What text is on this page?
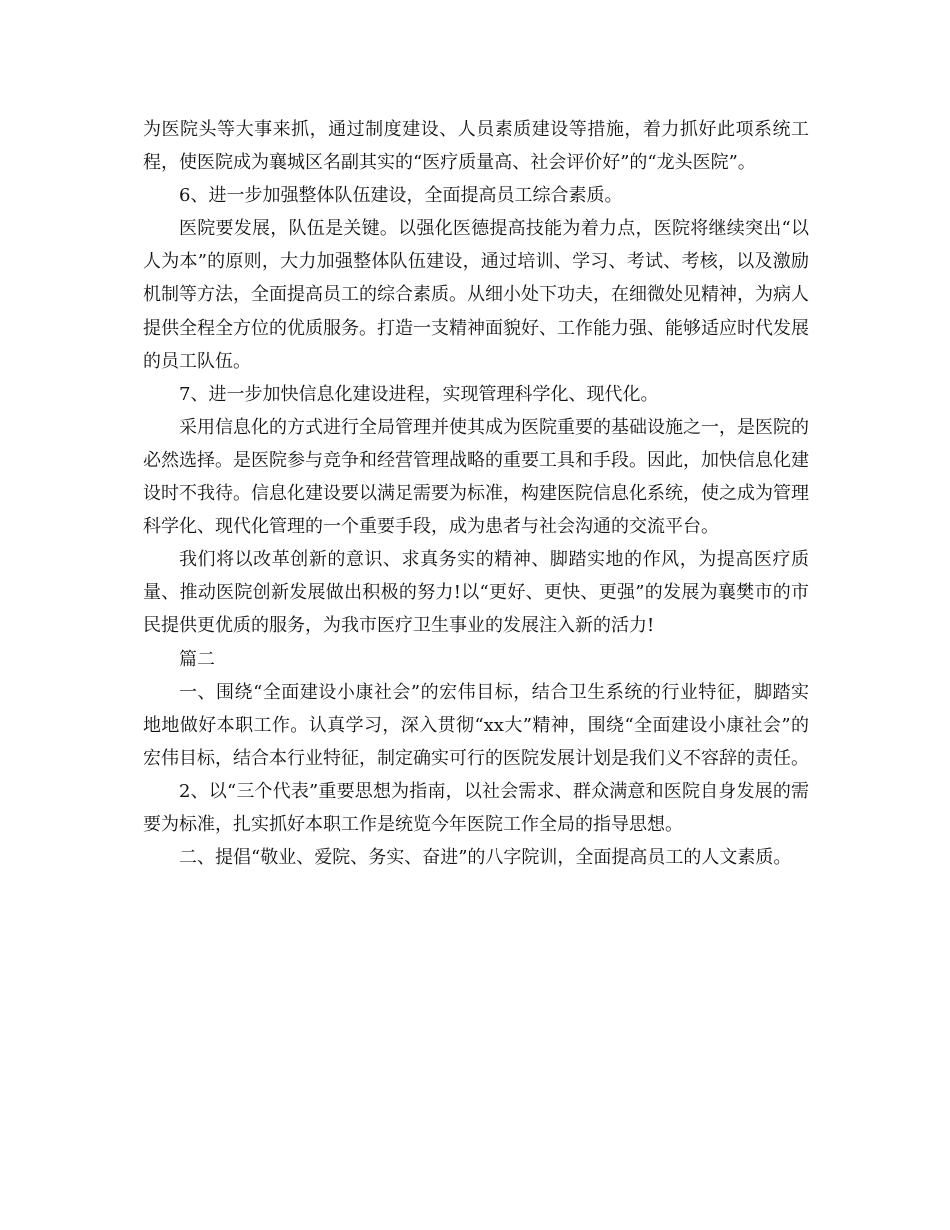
为医院头等大事来抓，通过制度建设、人员素质建设等措施，着力抓好此项系统工程，使医院成为襄城区名副其实的“医疗质量高、社会评价好”的“龙头医院”。

6、进一步加强整体队伍建设，全面提高员工综合素质。

医院要发展，队伍是关键。以强化医德提高技能为着力点，医院将继续突出“以人为本”的原则，大力加强整体队伍建设，通过培训、学习、考试、考核，以及激励机制等方法，全面提高员工的综合素质。从细小处下功夫，在细微处见精神，为病人提供全程全方位的优质服务。打造一支精神面貌好、工作能力强、能够适应时代发展的员工队伍。

7、进一步加快信息化建设进程，实现管理科学化、现代化。

采用信息化的方式进行全局管理并使其成为医院重要的基础设施之一，是医院的必然选择。是医院参与竞争和经营管理战略的重要工具和手段。因此，加快信息化建设时不我待。信息化建设要以满足需要为标准，构建医院信息化系统，使之成为管理科学化、现代化管理的一个重要手段，成为患者与社会沟通的交流平台。

我们将以改革创新的意识、求真务实的精神、脚踏实地的作风，为提高医疗质量、推动医院创新发展做出积极的努力!以“更好、更快、更强”的发展为襄樊市的市民提供更优质的服务，为我市医疗卫生事业的发展注入新的活力!

篇二

一、围绕“全面建设小康社会”的宏伟目标，结合卫生系统的行业特征，脚踏实地地做好本职工作。认真学习，深入贯彻“xx大”精神，围绕“全面建设小康社会”的宏伟目标，结合本行业特征，制定确实可行的医院发展计划是我们义不容辞的责任。

2、以“三个代表”重要思想为指南，以社会需求、群众满意和医院自身发展的需要为标准，扎实抓好本职工作是统览今年医院工作全局的指导思想。

二、提倡“敬业、爱院、务实、奋进”的八字院训，全面提高员工的人文素质。
